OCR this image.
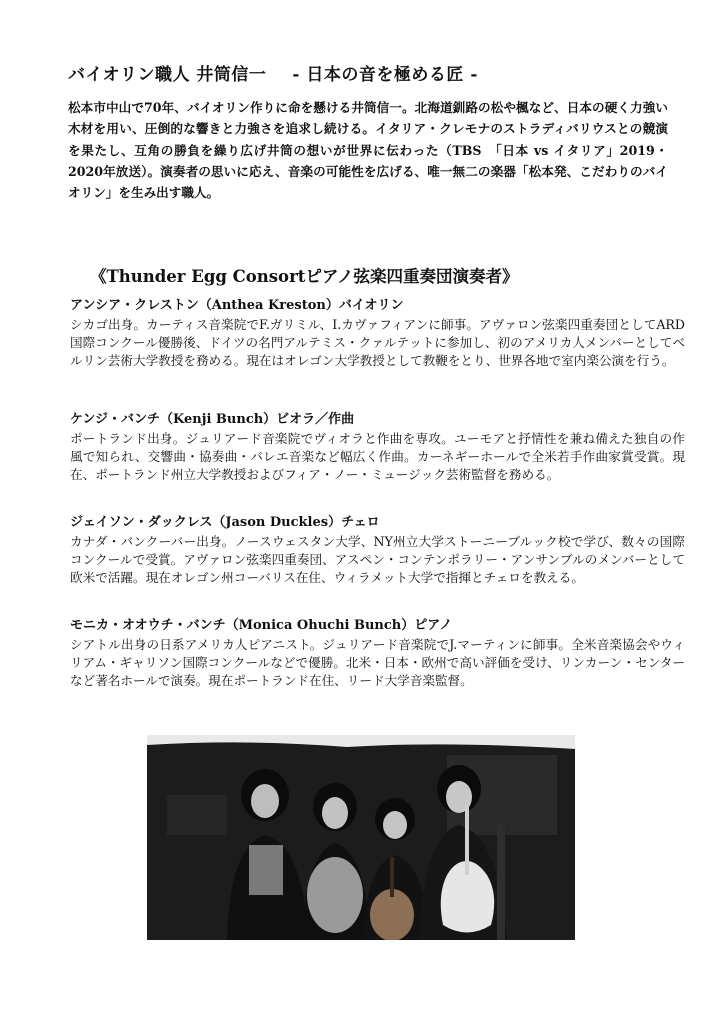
バイオリン職人 井筒信一 - 日本の音を極める匠 -
松本市中山で70年、バイオリン作りに命を懸ける井筒信一。北海道釧路の松や楓など、日本の硬く力強い木材を用い、圧倒的な響きと力強さを追求し続ける。イタリア・クレモナのストラディバリウスとの競演を果たし、互角の勝負を繰り広げ井筒の想いが世界に伝わった（TBS　「日本 vs イタリア」2019・2020年放送）。演奏者の思いに応え、音楽の可能性を広げる、唯一無二の楽器「松本発、こだわりのバイオリン」を生み出す職人。
《Thunder Egg Consortピアノ弦楽四重奏団演奏者》
アンシア・クレストン（Anthea Kreston）バイオリン
シカゴ出身。カーティス音楽院でF.ガリミル、I.カヴァフィアンに師事。アヴァロン弦楽四重奏団としてARD国際コンクール優勝後、ドイツの名門アルテミス・クァルテットに参加し、初のアメリカ人メンバーとしてベルリン芸術大学教授を務める。現在はオレゴン大学教授として教鞭をとり、世界各地で室内楽公演を行う。
ケンジ・バンチ（Kenji Bunch）ビオラ／作曲
ポートランド出身。ジュリアード音楽院でヴィオラと作曲を専攻。ユーモアと抒情性を兼ね備えた独自の作風で知られ、交響曲・協奏曲・バレエ音楽など幅広く作曲。カーネギーホールで全米若手作曲家賞受賞。現在、ポートランド州立大学教授およびフィア・ノー・ミュージック芸術監督を務める。
ジェイソン・ダックレス（Jason Duckles）チェロ
カナダ・バンクーバー出身。ノースウェスタン大学、NY州立大学ストーニーブルック校で学び、数々の国際コンクールで受賞。アヴァロン弦楽四重奏団、アスペン・コンテンポラリー・アンサンブルのメンバーとして欧米で活躍。現在オレゴン州コーバリス在住、ウィラメット大学で指揮とチェロを教える。
モニカ・オオウチ・バンチ（Monica Ohuchi Bunch）ピアノ
シアトル出身の日系アメリカ人ピアニスト。ジュリアード音楽院でJ.マーティンに師事。全米音楽協会やウィリアム・ギャリソン国際コンクールなどで優勝。北米・日本・欧州で高い評価を受け、リンカーン・センターなど著名ホールで演奏。現在ポートランド在住、リード大学音楽監督。
